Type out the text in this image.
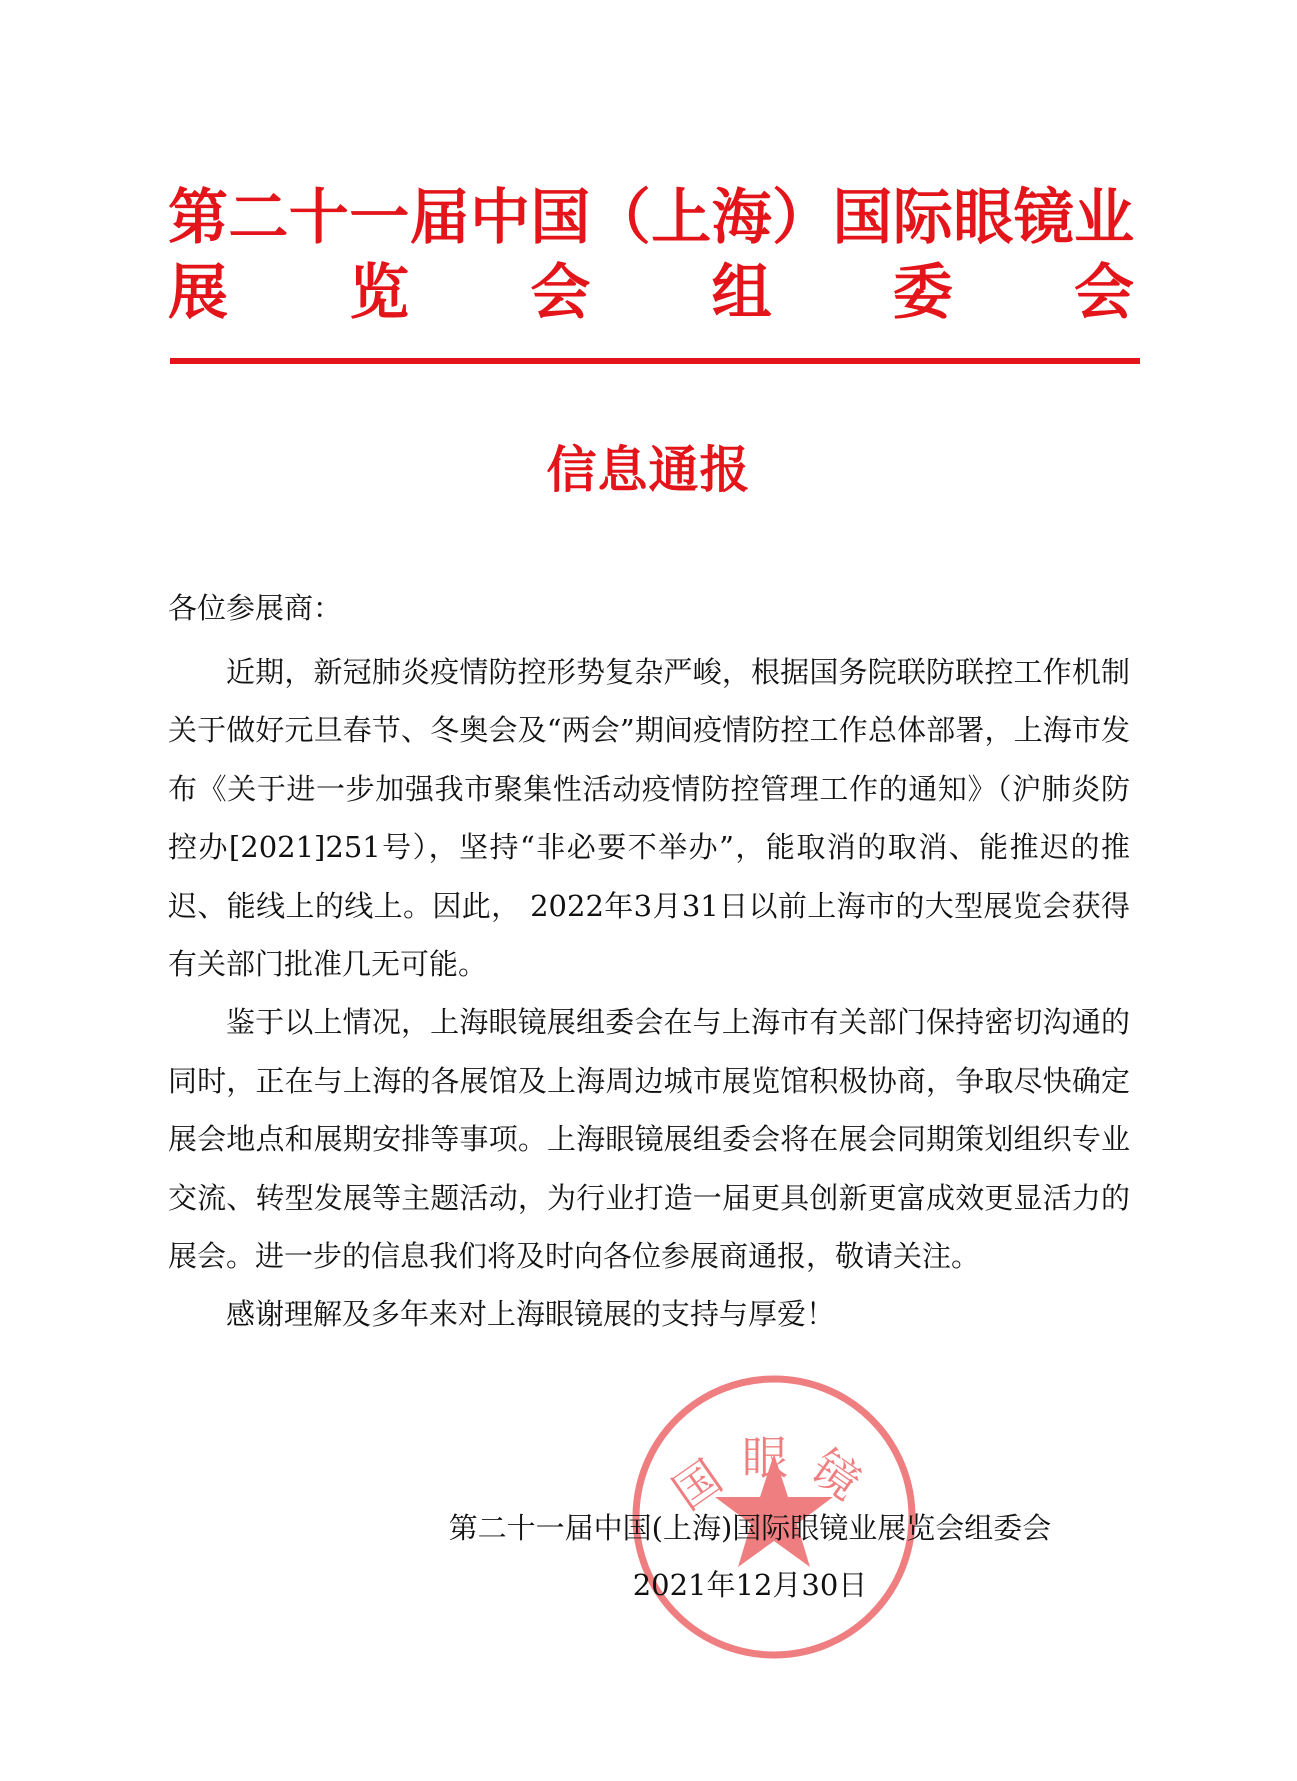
第二十一届中国（上海）国际眼镜业
展 览 会 组 委 会
信息通报
各位参展商：

近期，新冠肺炎疫情防控形势复杂严峻，根据国务院联防联控工作机制关于做好元旦春节、冬奥会及“两会”期间疫情防控工作总体部署，上海市发布《关于进一步加强我市聚集性活动疫情防控管理工作的通知》（沪肺炎防控办[2021]251号），坚持“非必要不举办”，能取消的取消、能推迟的推迟、能线上的线上。因此， 2022年3月31日以前上海市的大型展览会获得有关部门批准几无可能。

鉴于以上情况，上海眼镜展组委会在与上海市有关部门保持密切沟通的同时，正在与上海的各展馆及上海周边城市展览馆积极协商，争取尽快确定展会地点和展期安排等事项。上海眼镜展组委会将在展会同期策划组织专业交流、转型发展等主题活动，为行业打造一届更具创新更富成效更显活力的展会。进一步的信息我们将及时向各位参展商通报，敬请关注。

感谢理解及多年来对上海眼镜展的支持与厚爱！

国眼镜
第二十一届中国(上海)国际眼镜业展览会组委会
2021年12月30日
